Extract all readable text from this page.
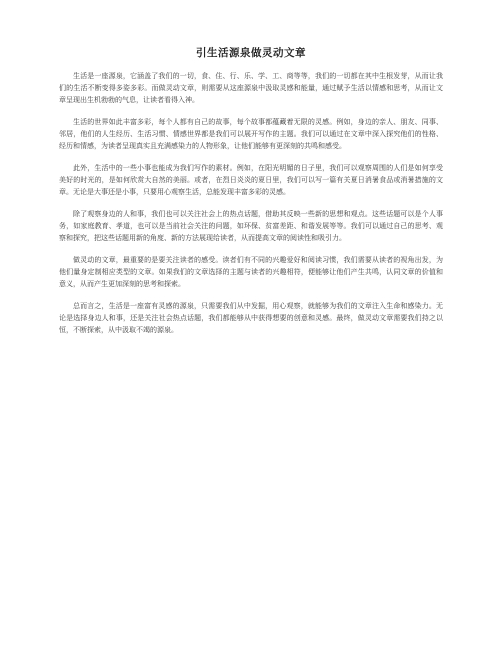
引生活源泉做灵动文章

生活是一座源泉，它涵盖了我们的一切，食、住、行、乐、学、工、商等等，我们的一切都在其中生根发芽，从而让我们的生活不断变得多姿多彩。而做灵动文章，则需要从这座源泉中汲取灵感和能量，通过赋予生活以情感和思考，从而让文章呈现出生机勃勃的气息，让读者看得入神。

生活的世界如此丰富多彩，每个人都有自己的故事，每个故事都蕴藏着无限的灵感。例如，身边的亲人、朋友、同事、邻居，他们的人生经历、生活习惯、情感世界都是我们可以展开写作的主题。我们可以通过在文章中深入探究他们的性格、经历和情感，为读者呈现真实且充满感染力的人物形象，让他们能够有更深刻的共鸣和感受。

此外，生活中的一些小事也能成为我们写作的素材。例如，在阳光明媚的日子里，我们可以观察周围的人们是如何享受美好的时光的，是如何欣赏大自然的美丽。或者，在烈日炎炎的夏日里，我们可以写一篇有关夏日消暑食品或消暑措施的文章。无论是大事还是小事，只要用心观察生活，总能发现丰富多彩的灵感。

除了观察身边的人和事，我们也可以关注社会上的热点话题，借助其反映一些新的思想和观点。这些话题可以是个人事务，如家庭教育、孝道，也可以是当前社会关注的问题，如环保、贫富差距、和谐发展等等。我们可以通过自己的思考、观察和探究，把这些话题用新的角度、新的方法展现给读者，从而提高文章的阅读性和吸引力。

做灵动的文章，最重要的是要关注读者的感受。读者们有不同的兴趣爱好和阅读习惯，我们需要从读者的视角出发，为他们量身定制相应类型的文章。如果我们的文章选择的主题与读者的兴趣相符，便能够让他们产生共鸣，认同文章的价值和意义，从而产生更加深刻的思考和探索。

总而言之，生活是一座富有灵感的源泉，只需要我们从中发掘，用心观察，就能够为我们的文章注入生命和感染力。无论是选择身边人和事，还是关注社会热点话题，我们都能够从中获得想要的创意和灵感。最终，做灵动文章需要我们持之以恒，不断探索，从中汲取不竭的源泉。
